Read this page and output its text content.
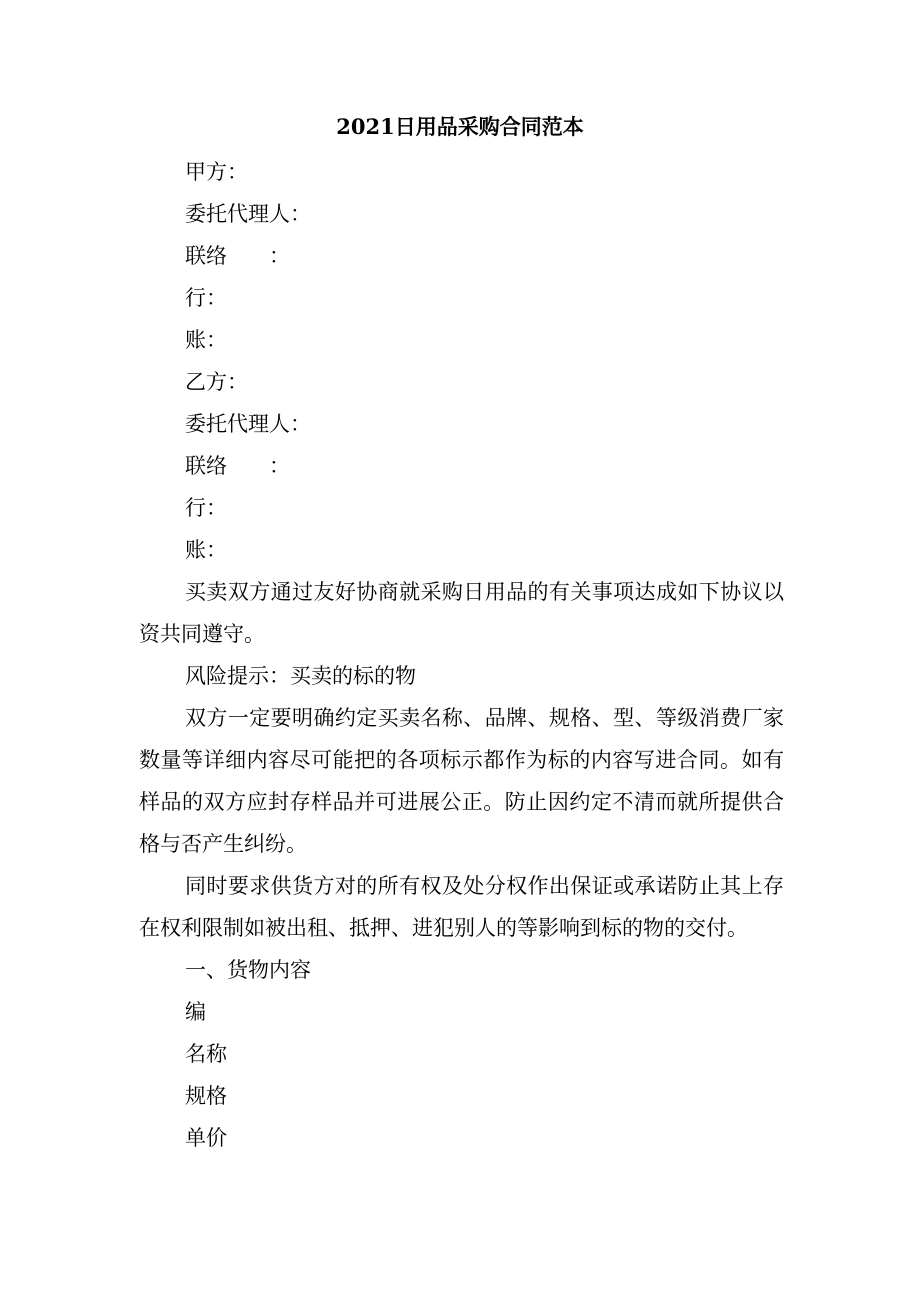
2021日用品采购合同范本
甲方：
委托代理人：
联络　　：
行：
账：
乙方：
委托代理人：
联络　　：
行：
账：
买卖双方通过友好协商就采购日用品的有关事项达成如下协议以资共同遵守。
风险提示：买卖的标的物
双方一定要明确约定买卖名称、品牌、规格、型、等级消费厂家数量等详细内容尽可能把的各项标示都作为标的内容写进合同。如有样品的双方应封存样品并可进展公正。防止因约定不清而就所提供合格与否产生纠纷。
同时要求供货方对的所有权及处分权作出保证或承诺防止其上存在权利限制如被出租、抵押、进犯别人的等影响到标的物的交付。
一、货物内容
编
名称
规格
单价
